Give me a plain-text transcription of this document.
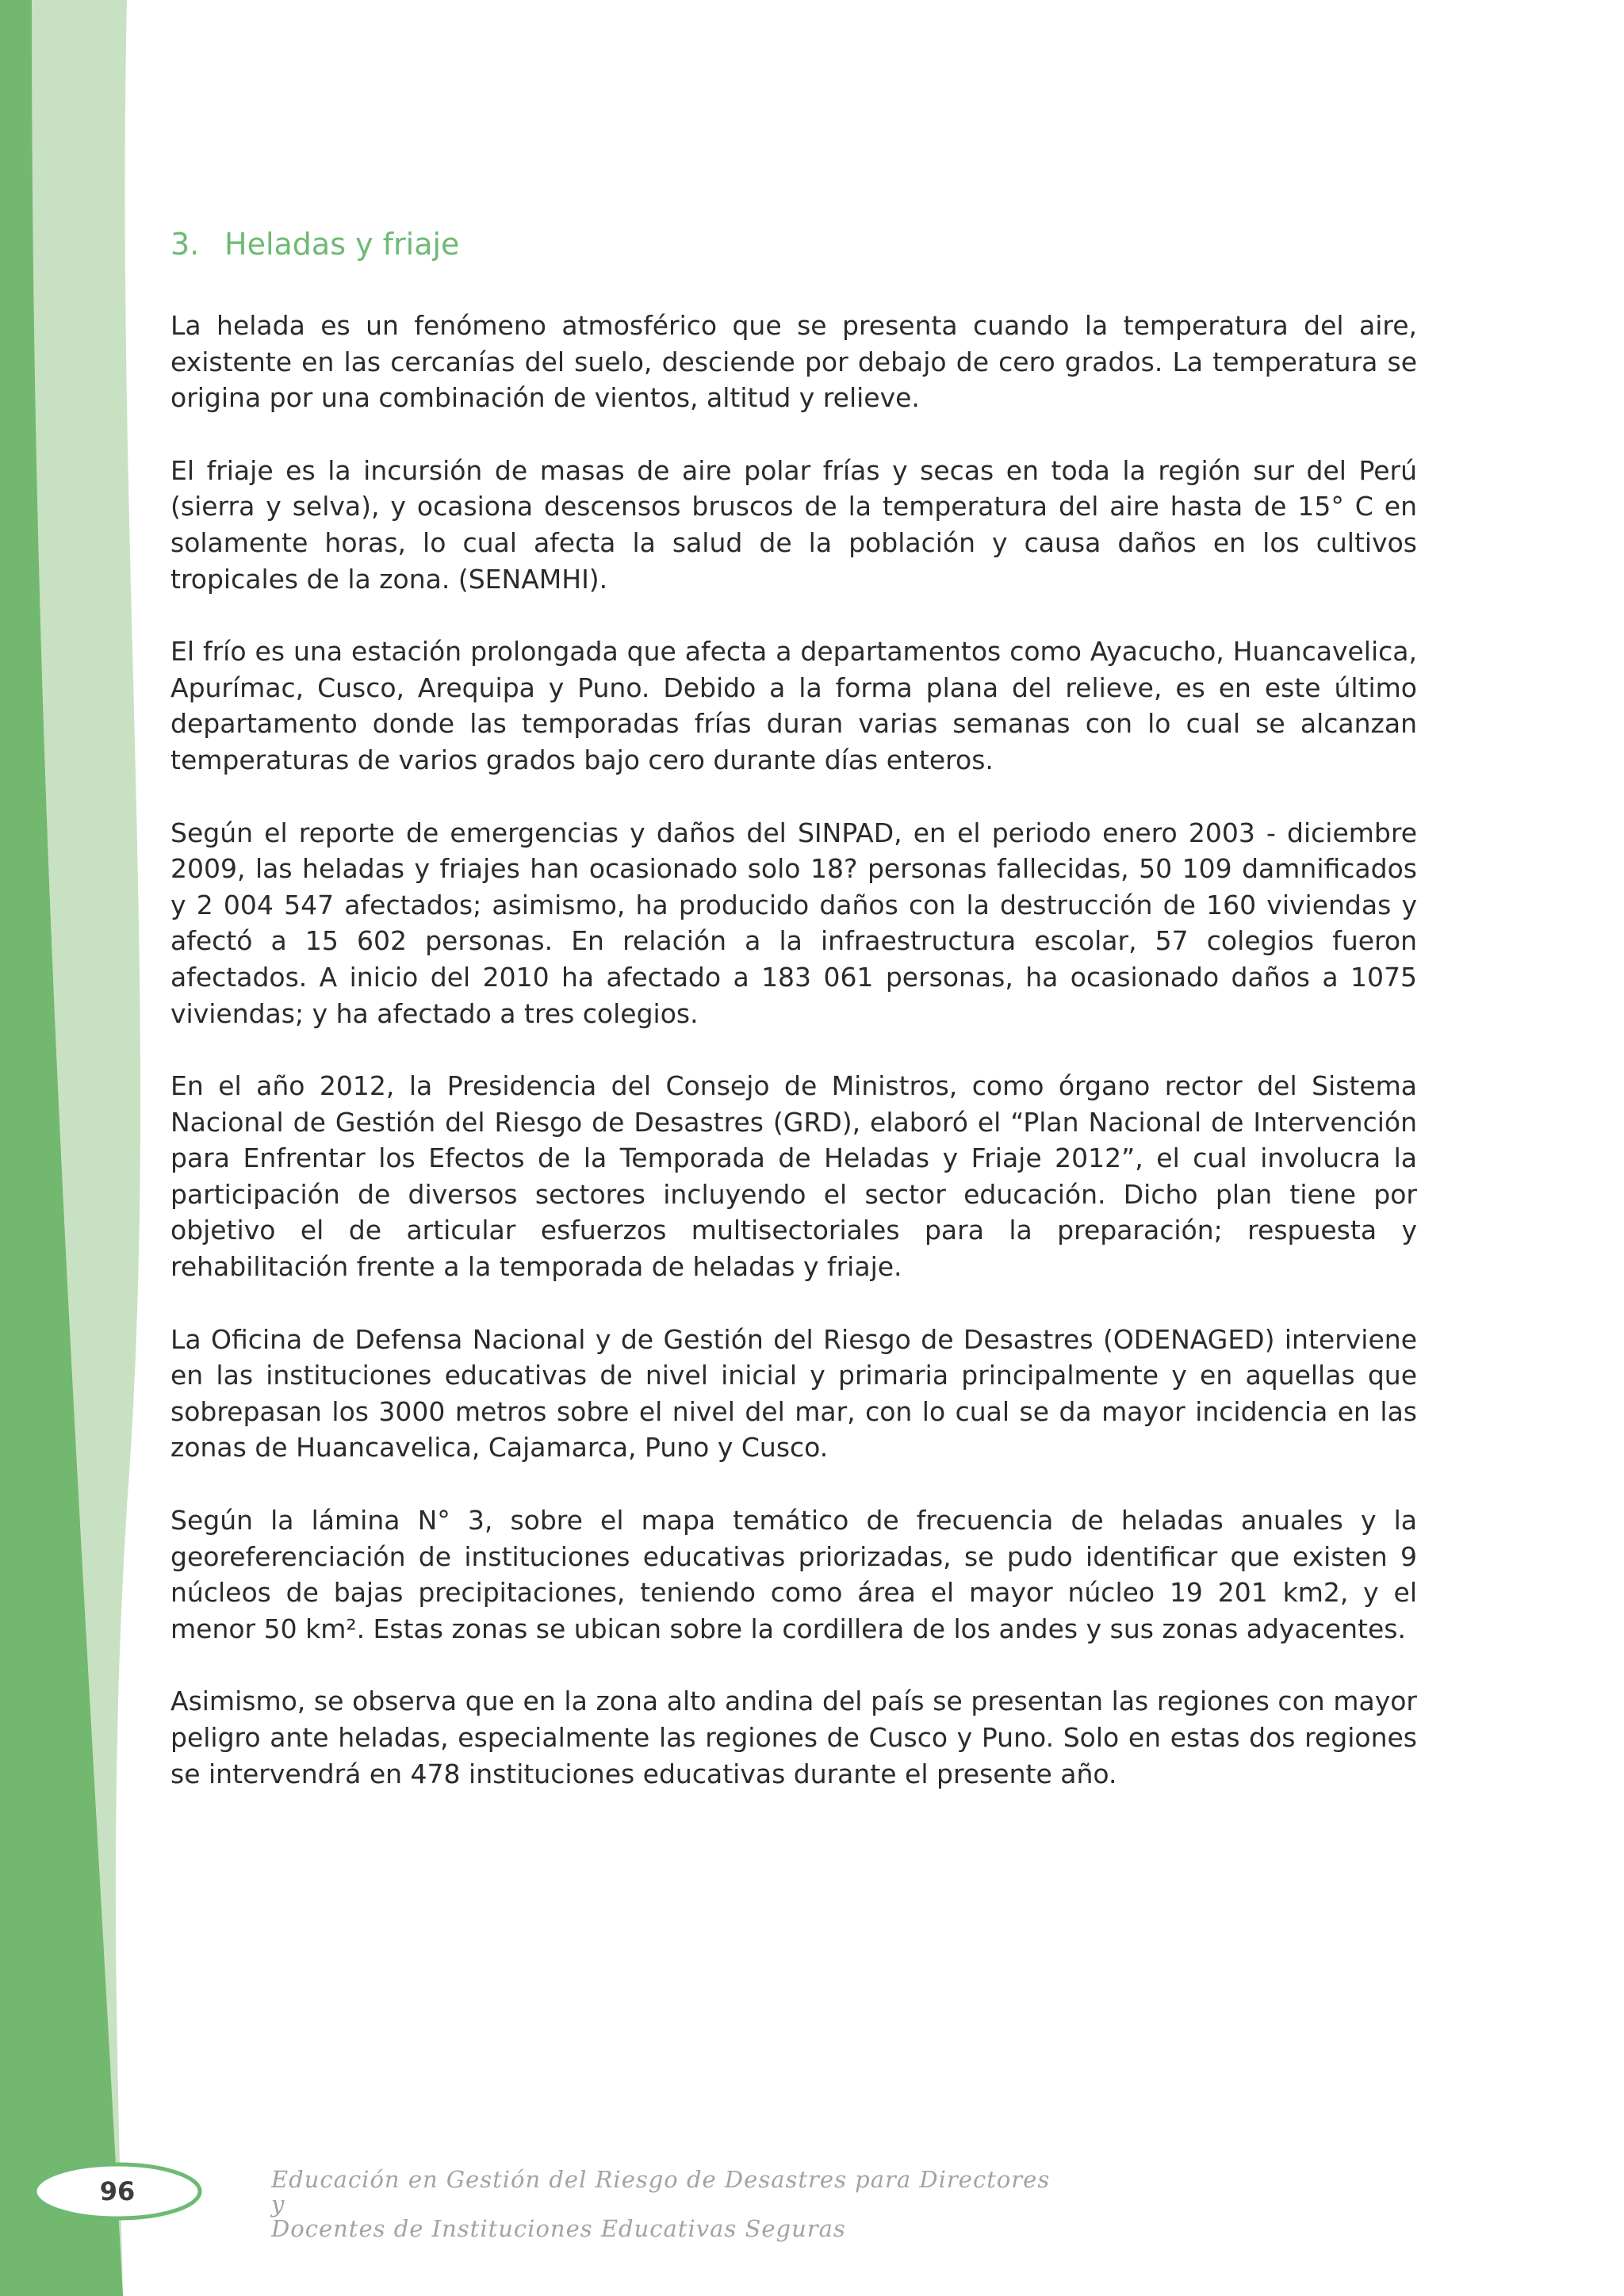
3. Heladas y friaje

La helada es un fenómeno atmosférico que se presenta cuando la temperatura del aire, existente en las cercanías del suelo, desciende por debajo de cero grados. La temperatura se origina por una combinación de vientos, altitud y relieve.

El friaje es la incursión de masas de aire polar frías y secas en toda la región sur del Perú (sierra y selva), y ocasiona descensos bruscos de la temperatura del aire hasta de 15° C en solamente horas, lo cual afecta la salud de la población y causa daños en los cultivos tropicales de la zona. (SENAMHI).

El frío es una estación prolongada que afecta a departamentos como Ayacucho, Huancavelica, Apurímac, Cusco, Arequipa y Puno. Debido a la forma plana del relieve, es en este último departamento donde las temporadas frías duran varias semanas con lo cual se alcanzan temperaturas de varios grados bajo cero durante días enteros.

Según el reporte de emergencias y daños del SINPAD, en el periodo enero 2003 - diciembre 2009, las heladas y friajes han ocasionado solo 18? personas fallecidas, 50 109 damnificados y 2 004 547 afectados; asimismo, ha producido daños con la destrucción de 160 viviendas y afectó a 15 602 personas. En relación a la infraestructura escolar, 57 colegios fueron afectados. A inicio del 2010 ha afectado a 183 061 personas, ha ocasionado daños a 1075 viviendas; y ha afectado a tres colegios.

En el año 2012, la Presidencia del Consejo de Ministros, como órgano rector del Sistema Nacional de Gestión del Riesgo de Desastres (GRD), elaboró el “Plan Nacional de Intervención para Enfrentar los Efectos de la Temporada de Heladas y Friaje 2012”, el cual involucra la participación de diversos sectores incluyendo el sector educación. Dicho plan tiene por objetivo el de articular esfuerzos multisectoriales para la preparación; respuesta y rehabilitación frente a la temporada de heladas y friaje.

La Oficina de Defensa Nacional y de Gestión del Riesgo de Desastres (ODENAGED) interviene en las instituciones educativas de nivel inicial y primaria principalmente y en aquellas que sobrepasan los 3000 metros sobre el nivel del mar, con lo cual se da mayor incidencia en las zonas de Huancavelica, Cajamarca, Puno y Cusco.

Según la lámina N° 3, sobre el mapa temático de frecuencia de heladas anuales y la georeferenciación de instituciones educativas priorizadas, se pudo identificar que existen 9 núcleos de bajas precipitaciones, teniendo como área el mayor núcleo 19 201 km2, y el menor 50 km². Estas zonas se ubican sobre la cordillera de los andes y sus zonas adyacentes.

Asimismo, se observa que en la zona alto andina del país se presentan las regiones con mayor peligro ante heladas, especialmente las regiones de Cusco y Puno. Solo en estas dos regiones se intervendrá en 478 instituciones educativas durante el presente año.

96	Educación en Gestión del Riesgo de Desastres para Directores y
Docentes de Instituciones Educativas Seguras
